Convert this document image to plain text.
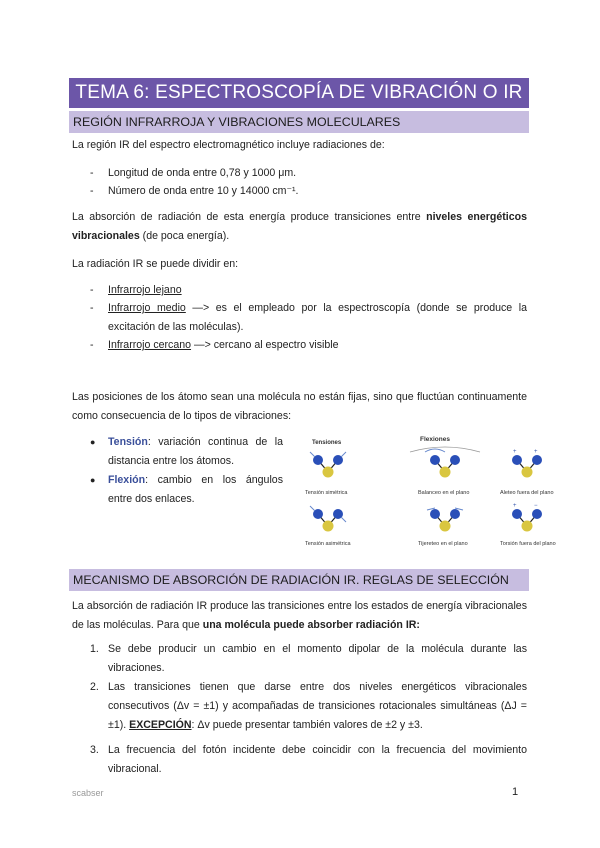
TEMA 6: ESPECTROSCOPÍA DE VIBRACIÓN O IR
REGIÓN INFRARROJA Y VIBRACIONES MOLECULARES
La región IR del espectro electromagnético incluye radiaciones de:
- Longitud de onda entre 0,78 y 1000 μm.
- Número de onda entre 10 y 14000 cm⁻¹.
La absorción de radiación de esta energía produce transiciones entre niveles energéticos vibracionales (de poca energía).
La radiación IR se puede dividir en:
- Infrarrojo lejano
- Infrarrojo medio —> es el empleado por la espectroscopía (donde se produce la excitación de las moléculas).
- Infrarrojo cercano —> cercano al espectro visible
Las posiciones de los átomo sean una molécula no están fijas, sino que fluctúan continuamente como consecuencia de lo tipos de vibraciones:
● Tensión: variación continua de la distancia entre los átomos.
● Flexión: cambio en los ángulos entre dos enlaces.
Tensiones	Flexiones
+	+
Tensión simétrica	Balanceo en el plano	Aleteo fuera del plano
+	−
Tensión asimétrica	Tijereteo en el plano	Torsión fuera del plano
MECANISMO DE ABSORCIÓN DE RADIACIÓN IR. REGLAS DE SELECCIÓN
La absorción de radiación IR produce las transiciones entre los estados de energía vibracionales de las moléculas. Para que una molécula puede absorber radiación IR:
1. Se debe producir un cambio en el momento dipolar de la molécula durante las vibraciones.
2. Las transiciones tienen que darse entre dos niveles energéticos vibracionales consecutivos (Δv = ±1) y acompañadas de transiciones rotacionales simultáneas (ΔJ = ±1). EXCEPCIÓN: Δv puede presentar también valores de ±2 y ±3.
3. La frecuencia del fotón incidente debe coincidir con la frecuencia del movimiento vibracional.
scabser	1
